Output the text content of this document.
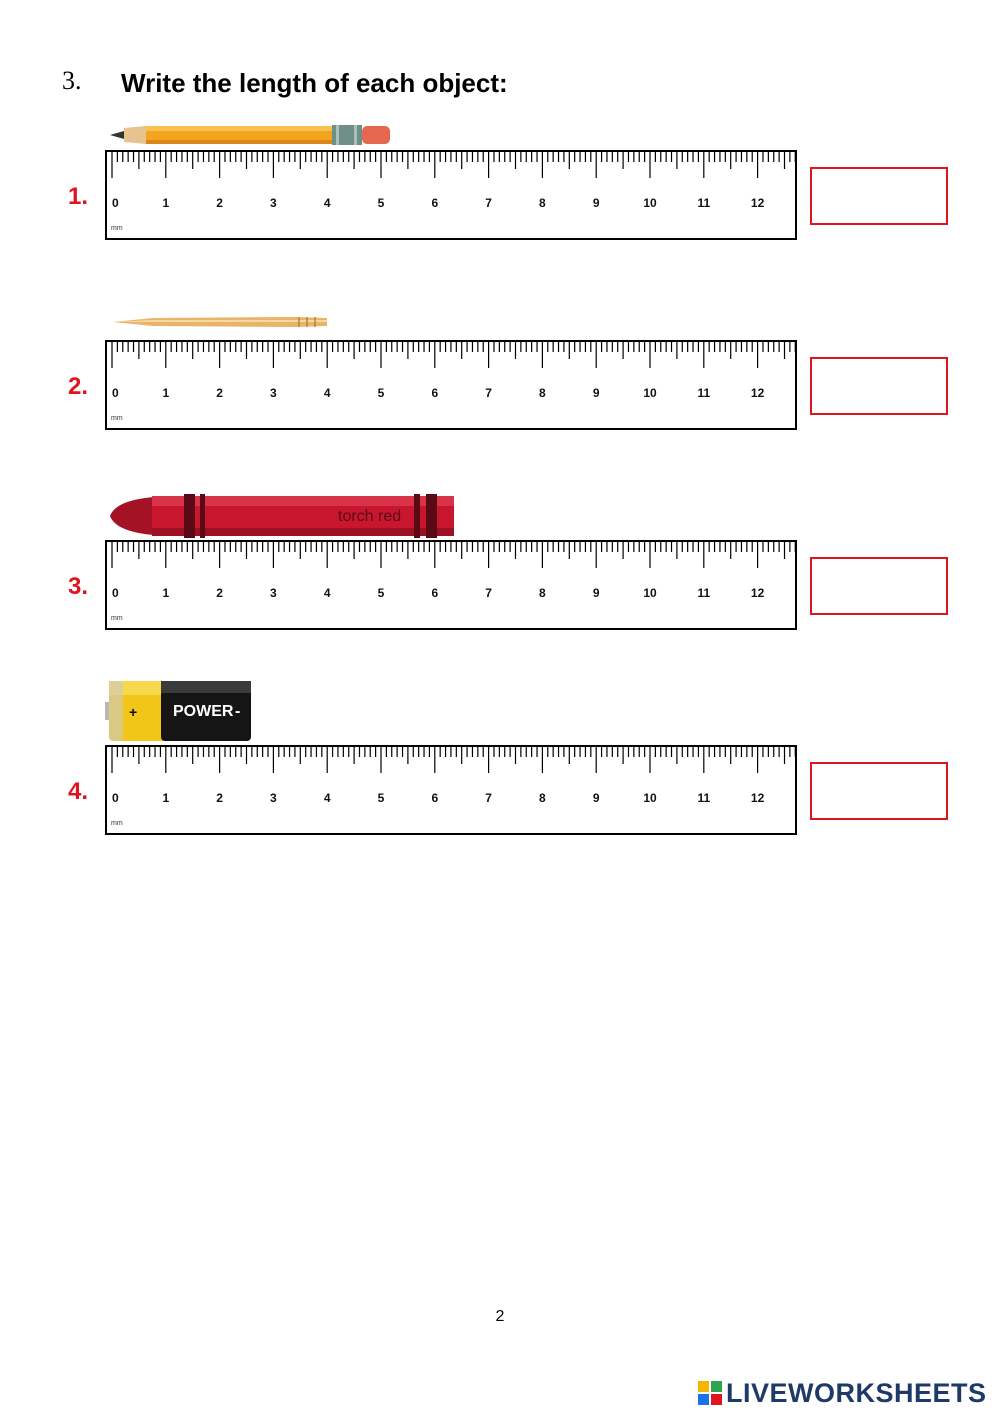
3. Write the length of each object:
1. 0	1	2	3	4	5	6	7	8	9	10	11	12
mm
2. 0	1	2	3	4	5	6	7	8	9	10	11	12
mm
torch red
3. 0	1	2	3	4	5	6	7	8	9	10	11	12
mm
+ POWER -
4. 0	1	2	3	4	5	6	7	8	9	10	11	12
mm
2
LIVEWORKSHEETS
